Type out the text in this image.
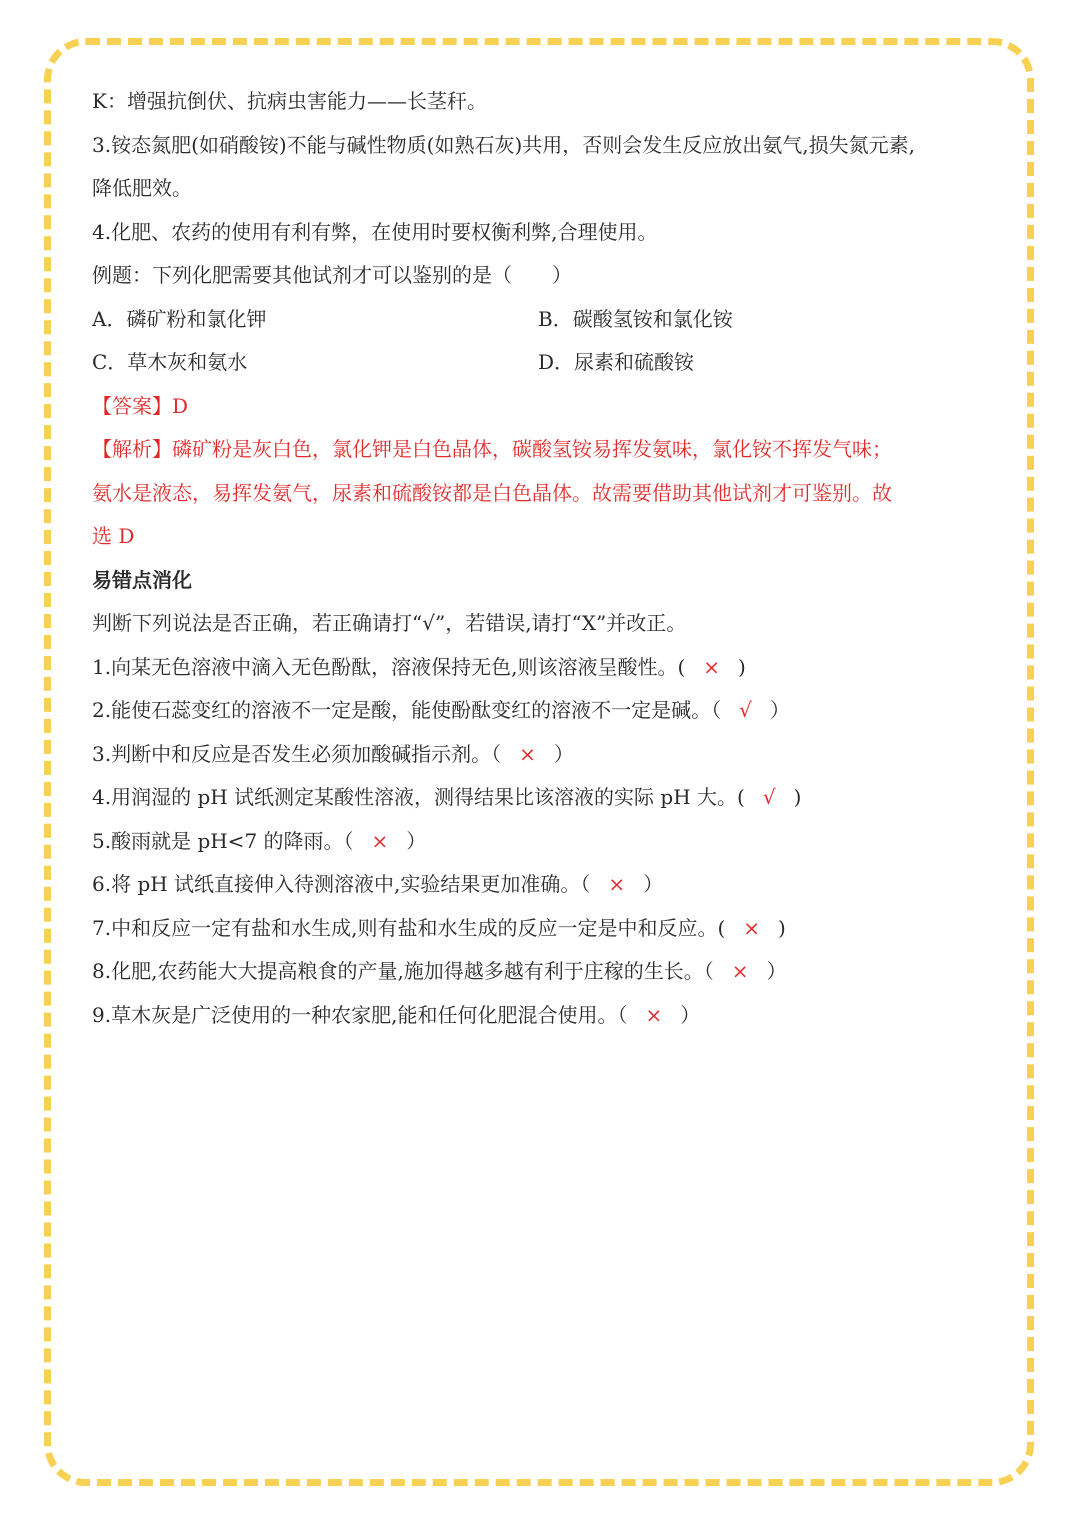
K：增强抗倒伏、抗病虫害能力——长茎秆。
3.铵态氮肥(如硝酸铵)不能与碱性物质(如熟石灰)共用，否则会发生反应放出氨气,损失氮元素,
降低肥效。
4.化肥、农药的使用有利有弊，在使用时要权衡利弊,合理使用。
例题：下列化肥需要其他试剂才可以鉴别的是（　　）
A．磷矿粉和氯化钾	B．碳酸氢铵和氯化铵
C．草木灰和氨水	D．尿素和硫酸铵
【答案】D
【解析】磷矿粉是灰白色，氯化钾是白色晶体，碳酸氢铵易挥发氨味，氯化铵不挥发气味；
氨水是液态，易挥发氨气，尿素和硫酸铵都是白色晶体。故需要借助其他试剂才可鉴别。故
选 D
易错点消化
判断下列说法是否正确，若正确请打“√”，若错误,请打“X”并改正。
1.向某无色溶液中滴入无色酚酞，溶液保持无色,则该溶液呈酸性。( × )
2.能使石蕊变红的溶液不一定是酸，能使酚酞变红的溶液不一定是碱。（ √ ）
3.判断中和反应是否发生必须加酸碱指示剂。（ × ）
4.用润湿的 pH 试纸测定某酸性溶液，测得结果比该溶液的实际 pH 大。( √ )
5.酸雨就是 pH<7 的降雨。（ × ）
6.将 pH 试纸直接伸入待测溶液中,实验结果更加准确。（ × ）
7.中和反应一定有盐和水生成,则有盐和水生成的反应一定是中和反应。( × )
8.化肥,农药能大大提高粮食的产量,施加得越多越有利于庄稼的生长。（ × ）
9.草木灰是广泛使用的一种农家肥,能和任何化肥混合使用。（ × ）
